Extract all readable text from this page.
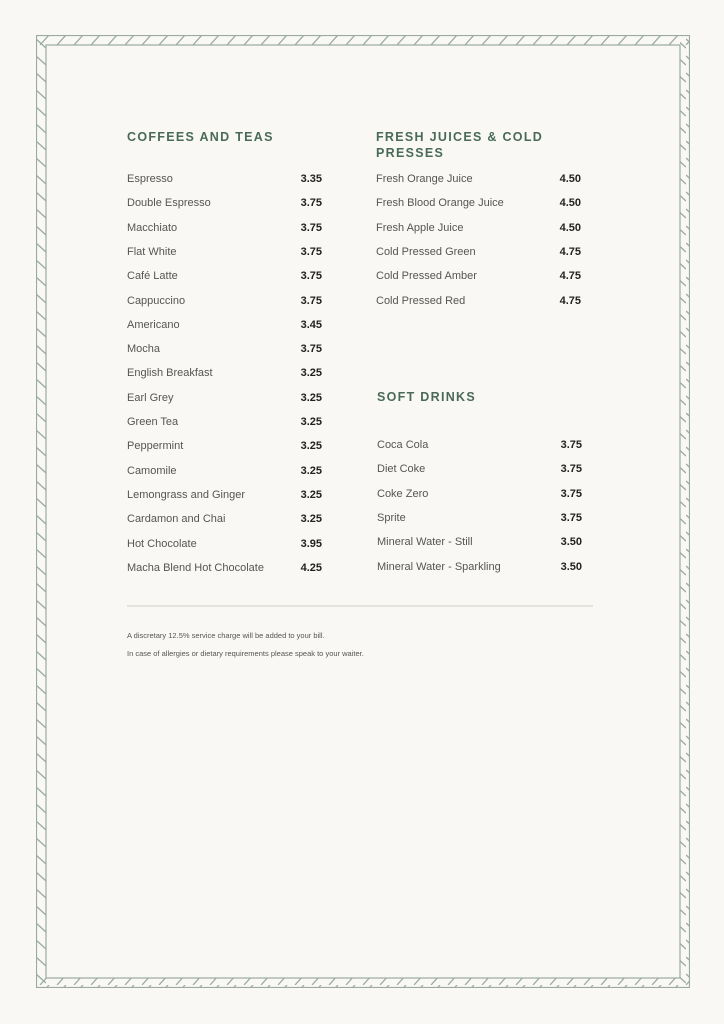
COFFEES AND TEAS
Espresso	3.35
Double Espresso	3.75
Macchiato	3.75
Flat White	3.75
Café Latte	3.75
Cappuccino	3.75
Americano	3.45
Mocha	3.75
English Breakfast	3.25
Earl Grey	3.25
Green Tea	3.25
Peppermint	3.25
Camomile	3.25
Lemongrass and Ginger	3.25
Cardamon and Chai	3.25
Hot Chocolate	3.95
Macha Blend Hot Chocolate	4.25
FRESH JUICES & COLD PRESSES
Fresh Orange Juice	4.50
Fresh Blood Orange Juice	4.50
Fresh Apple Juice	4.50
Cold Pressed Green	4.75
Cold Pressed Amber	4.75
Cold Pressed Red	4.75
SOFT DRINKS
Coca Cola	3.75
Diet Coke	3.75
Coke Zero	3.75
Sprite	3.75
Mineral Water - Still	3.50
Mineral Water - Sparkling	3.50
A discretary 12.5% service charge will be added to your bill.
In case of allergies or dietary requirements please speak to your waiter.
